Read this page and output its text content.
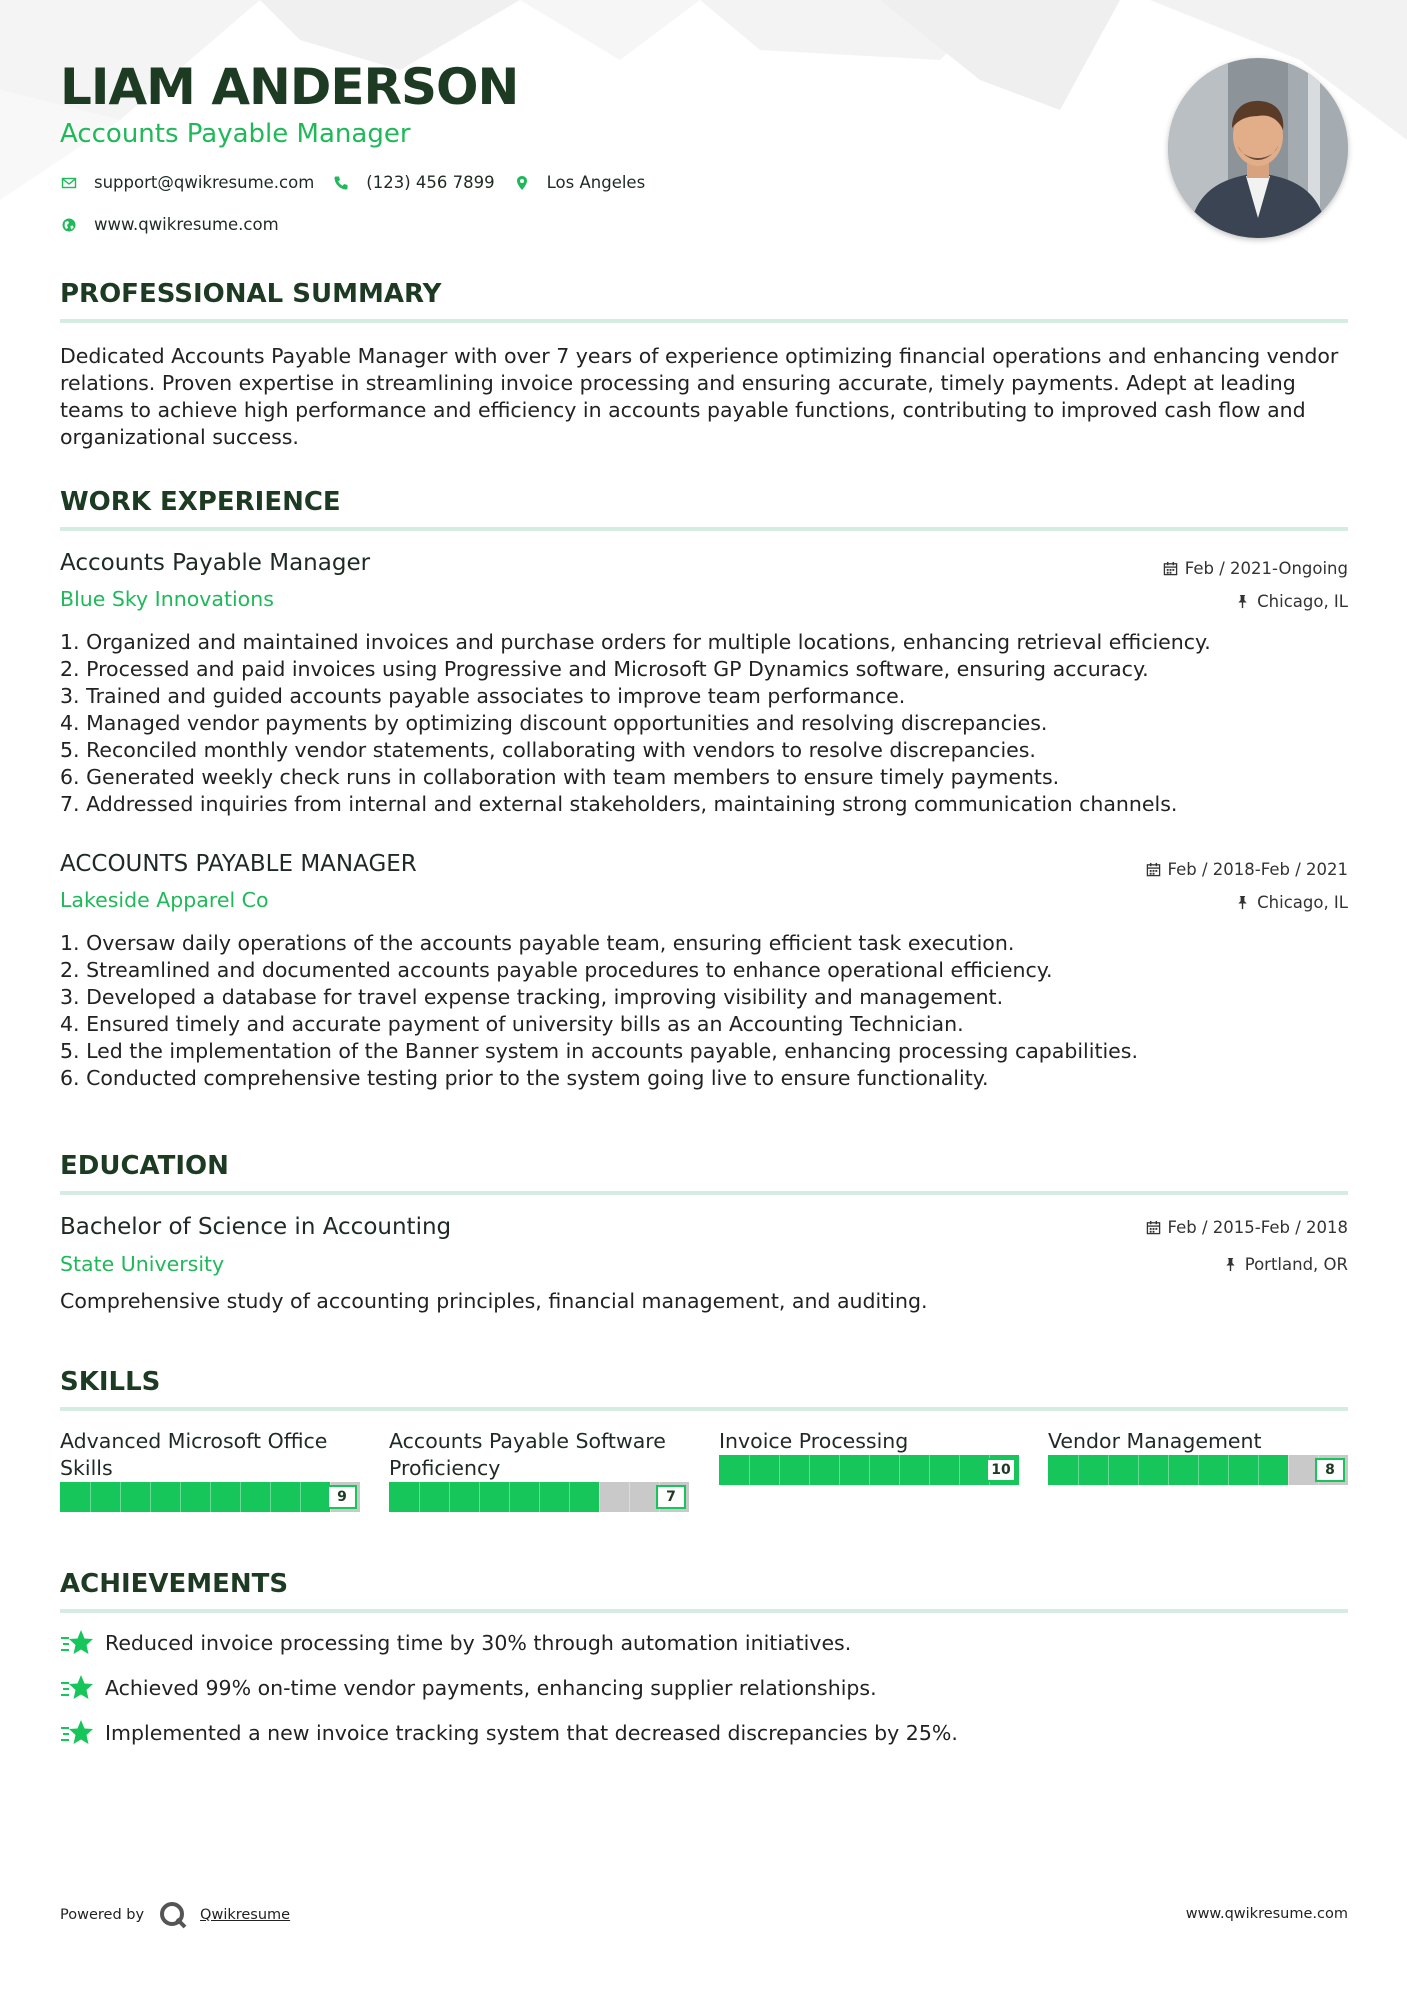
LIAM ANDERSON
Accounts Payable Manager
support@qwikresume.com	(123) 456 7899	Los Angeles
www.qwikresume.com
PROFESSIONAL SUMMARY
Dedicated Accounts Payable Manager with over 7 years of experience optimizing financial operations and enhancing vendor relations. Proven expertise in streamlining invoice processing and ensuring accurate, timely payments. Adept at leading teams to achieve high performance and efficiency in accounts payable functions, contributing to improved cash flow and organizational success.
WORK EXPERIENCE
Accounts Payable Manager
Blue Sky Innovations
Feb / 2021-Ongoing
Chicago, IL
1. Organized and maintained invoices and purchase orders for multiple locations, enhancing retrieval efficiency.
2. Processed and paid invoices using Progressive and Microsoft GP Dynamics software, ensuring accuracy.
3. Trained and guided accounts payable associates to improve team performance.
4. Managed vendor payments by optimizing discount opportunities and resolving discrepancies.
5. Reconciled monthly vendor statements, collaborating with vendors to resolve discrepancies.
6. Generated weekly check runs in collaboration with team members to ensure timely payments.
7. Addressed inquiries from internal and external stakeholders, maintaining strong communication channels.
ACCOUNTS PAYABLE MANAGER
Lakeside Apparel Co
Feb / 2018-Feb / 2021
Chicago, IL
1. Oversaw daily operations of the accounts payable team, ensuring efficient task execution.
2. Streamlined and documented accounts payable procedures to enhance operational efficiency.
3. Developed a database for travel expense tracking, improving visibility and management.
4. Ensured timely and accurate payment of university bills as an Accounting Technician.
5. Led the implementation of the Banner system in accounts payable, enhancing processing capabilities.
6. Conducted comprehensive testing prior to the system going live to ensure functionality.
EDUCATION
Bachelor of Science in Accounting
State University
Feb / 2015-Feb / 2018
Portland, OR
Comprehensive study of accounting principles, financial management, and auditing.
SKILLS
Advanced Microsoft Office Skills
9
Accounts Payable Software Proficiency
7
Invoice Processing
10
Vendor Management
8
ACHIEVEMENTS
Reduced invoice processing time by 30% through automation initiatives.
Achieved 99% on-time vendor payments, enhancing supplier relationships.
Implemented a new invoice tracking system that decreased discrepancies by 25%.
Powered by	Qwikresume	www.qwikresume.com
